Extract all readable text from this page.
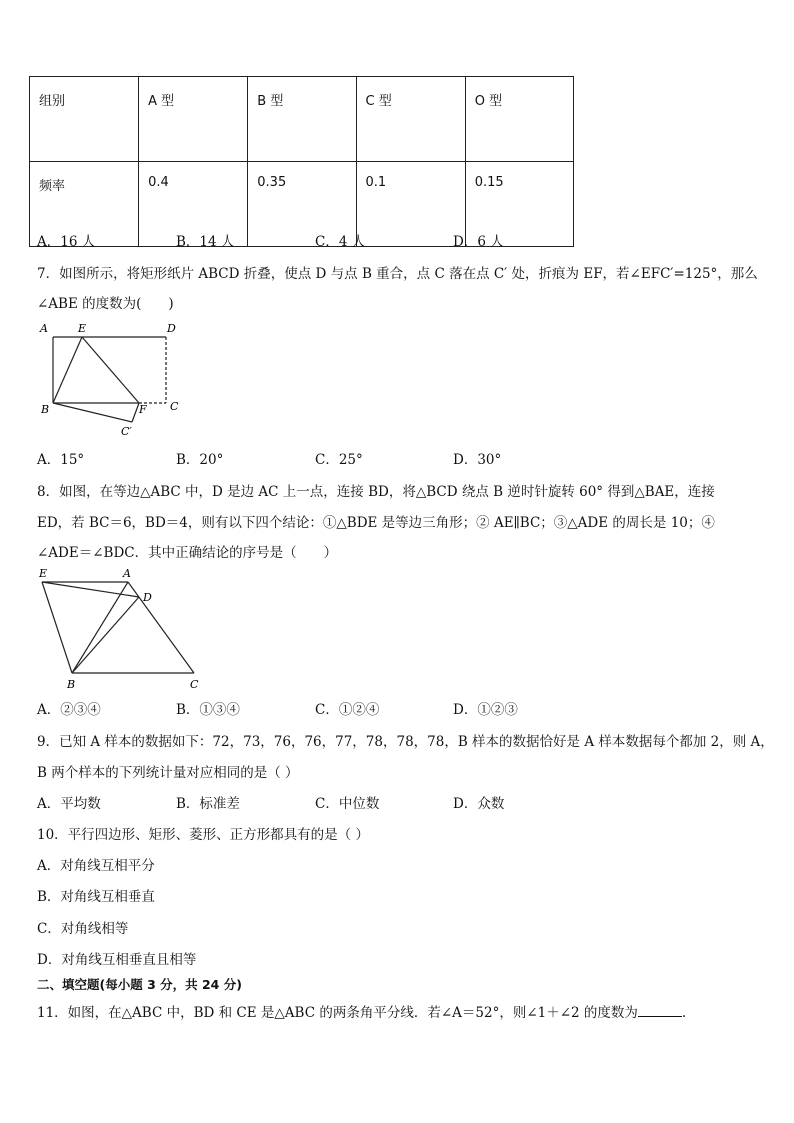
组别	A 型	B 型	C 型	O 型
频率	0.4	0.35	0.1	0.15
A．16 人	B．14 人	C．4 人	D．6 人
7．如图所示，将矩形纸片 ABCD 折叠，使点 D 与点 B 重合，点 C 落在点 C′ 处，折痕为 EF，若∠EFC′=125°，那么
∠ABE 的度数为(　　)
A	E	D
B	F C
C′
A．15°	B．20°	C．25°	D．30°
8．如图，在等边△ABC 中，D 是边 AC 上一点，连接 BD，将△BCD 绕点 B 逆时针旋转 60° 得到△BAE，连接
ED，若 BC＝6，BD＝4，则有以下四个结论：①△BDE 是等边三角形；② AE∥BC；③△ADE 的周长是 10；④
∠ADE＝∠BDC．其中正确结论的序号是（　　）
E	A
D
B	C
A．②③④	B．①③④	C．①②④	D．①②③
9．已知 A 样本的数据如下：72，73，76，76，77，78，78，78，B 样本的数据恰好是 A 样本数据每个都加 2，则 A，
B 两个样本的下列统计量对应相同的是（ ）
A．平均数	B．标准差	C．中位数	D．众数
10．平行四边形、矩形、菱形、正方形都具有的是（ ）
A．对角线互相平分
B．对角线互相垂直
C．对角线相等
D．对角线互相垂直且相等
二、填空题(每小题 3 分，共 24 分)
11．如图，在△ABC 中，BD 和 CE 是△ABC 的两条角平分线．若∠A＝52°，则∠1＋∠2 的度数为	.
